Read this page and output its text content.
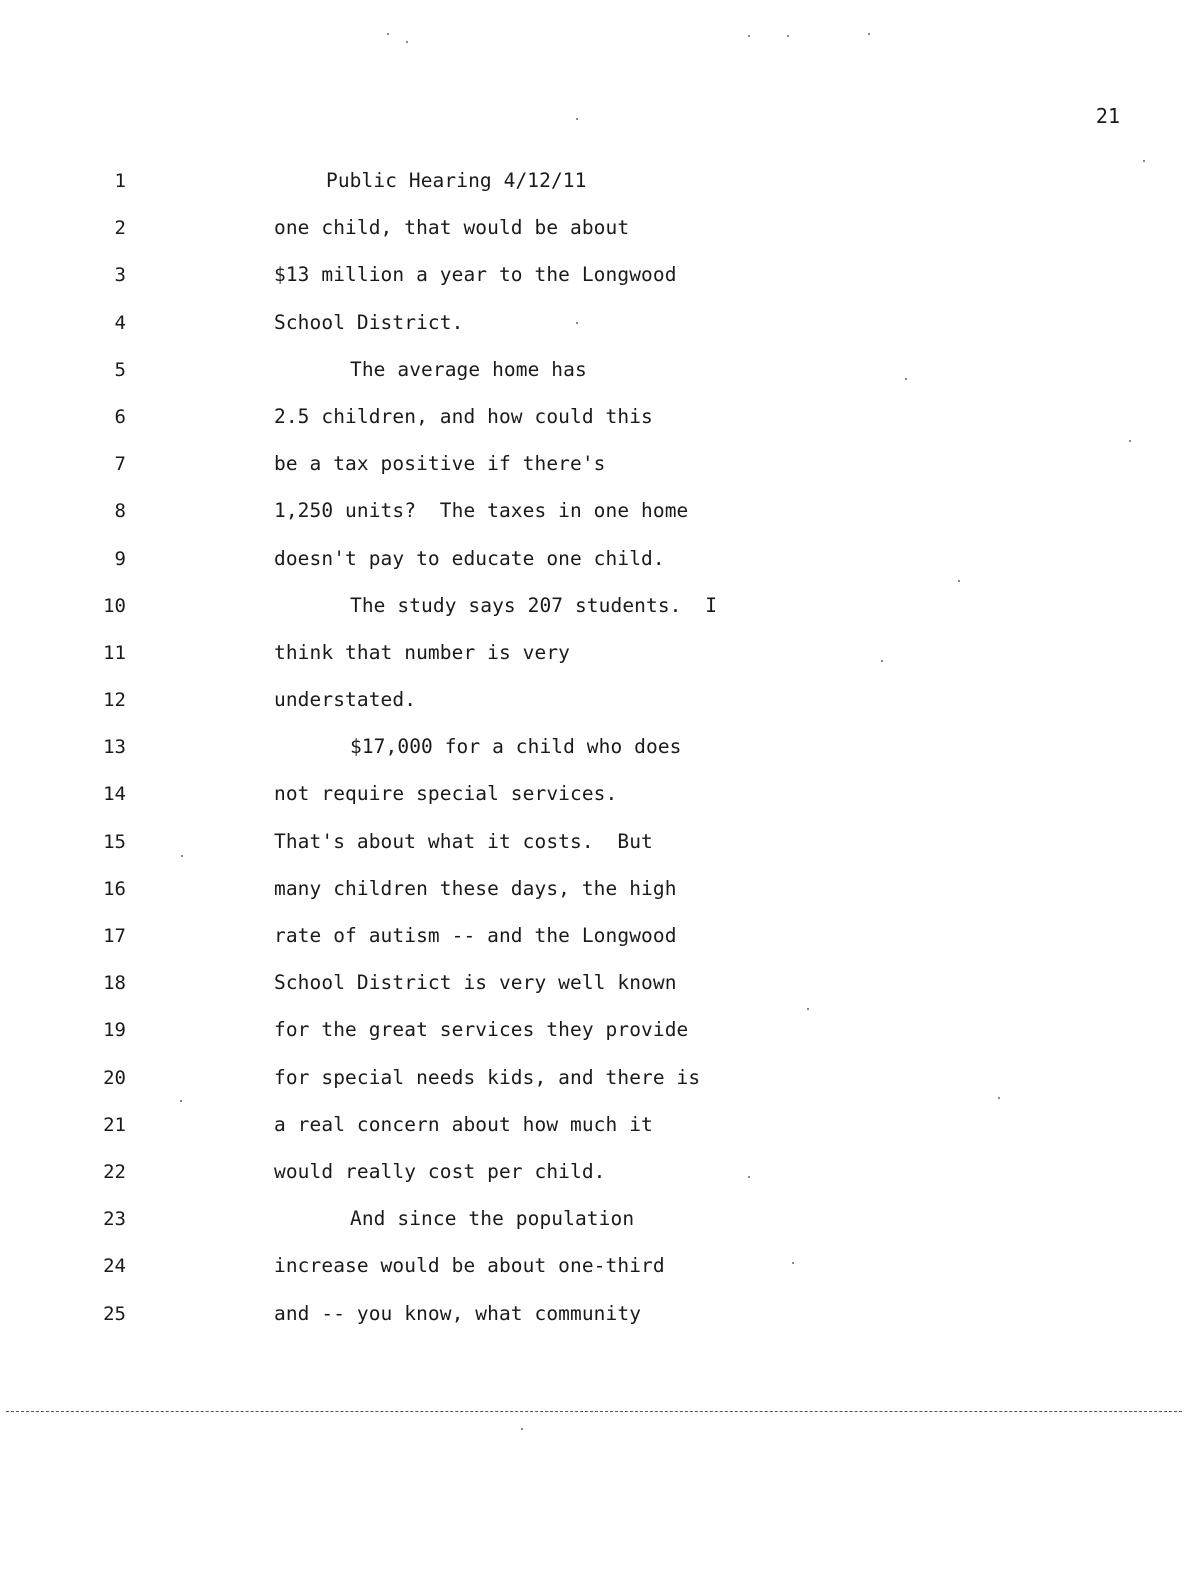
21
1	Public Hearing 4/12/11
2	one child, that would be about
3	$13 million a year to the Longwood
4	School District.
5	The average home has
6	2.5 children, and how could this
7	be a tax positive if there's
8	1,250 units?  The taxes in one home
9	doesn't pay to educate one child.
10	The study says 207 students.  I
11	think that number is very
12	understated.
13	$17,000 for a child who does
14	not require special services.
15	That's about what it costs.  But
16	many children these days, the high
17	rate of autism -- and the Longwood
18	School District is very well known
19	for the great services they provide
20	for special needs kids, and there is
21	a real concern about how much it
22	would really cost per child.
23	And since the population
24	increase would be about one-third
25	and -- you know, what community
